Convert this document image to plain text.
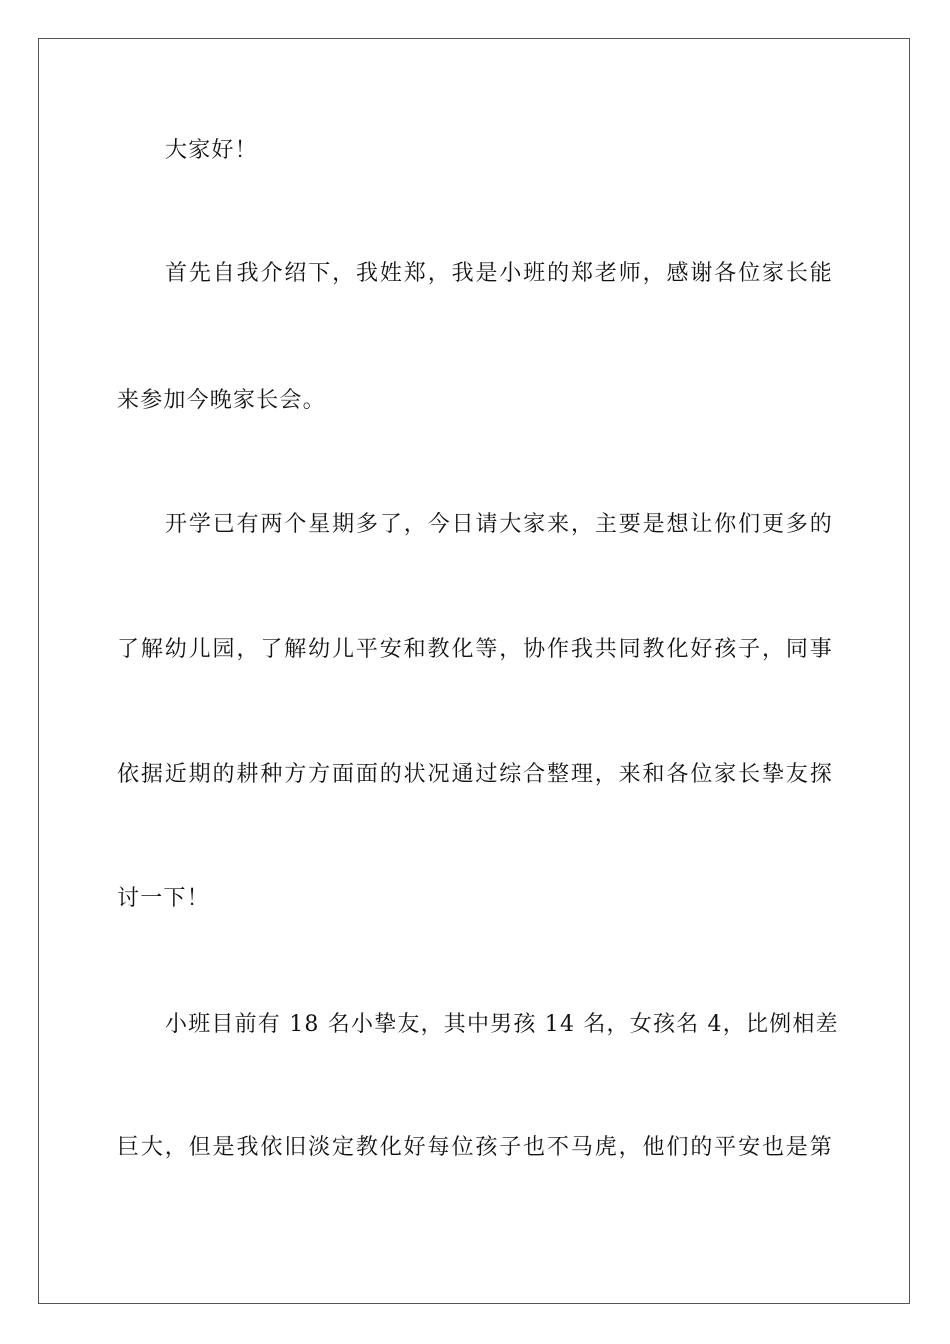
大家好！
首先自我介绍下，我姓郑，我是小班的郑老师，感谢各位家长能
来参加今晚家长会。
开学已有两个星期多了，今日请大家来，主要是想让你们更多的
了解幼儿园，了解幼儿平安和教化等，协作我共同教化好孩子，同事
依据近期的耕种方方面面的状况通过综合整理，来和各位家长挚友探
讨一下！
小班目前有 18 名小挚友，其中男孩 14 名，女孩名 4，比例相差
巨大，但是我依旧淡定教化好每位孩子也不马虎，他们的平安也是第
